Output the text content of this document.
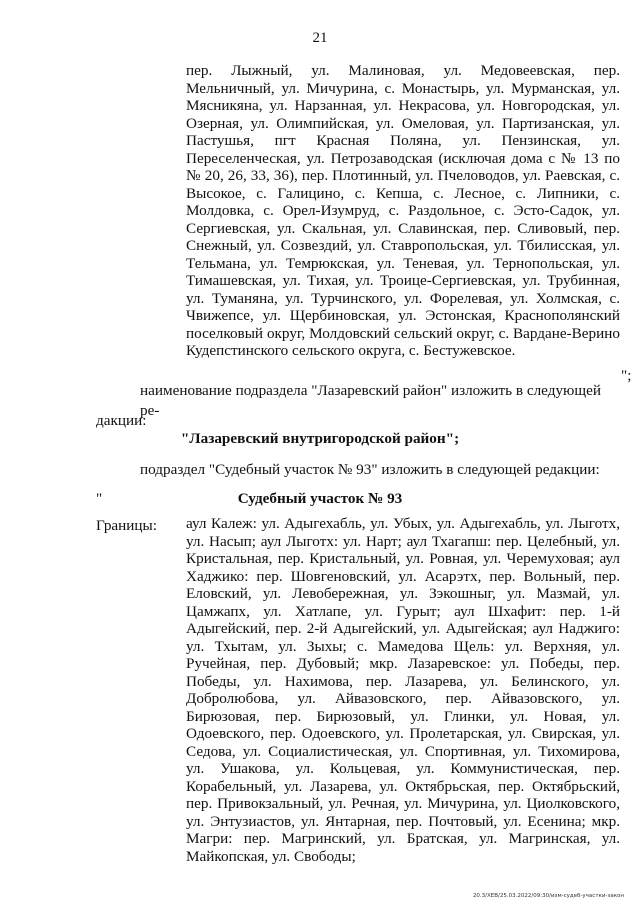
21
пер. Лыжный, ул. Малиновая, ул. Медовеевская, пер. Мельничный, ул. Мичурина, с. Монастырь, ул. Мурманская, ул. Мясникяна, ул. Нарзанная, ул. Некрасова, ул. Новгородская, ул. Озерная, ул. Олимпийская, ул. Омеловая, ул. Партизанская, ул. Пастушья, пгт Красная Поляна, ул. Пензинская, ул. Переселенческая, ул. Петрозаводская (исключая дома с № 13 по № 20, 26, 33, 36), пер. Плотинный, ул. Пчеловодов, ул. Раевская, с. Высокое, с. Галицино, с. Кепша, с. Лесное, с. Липники, с. Молдовка, с. Орел-Изумруд, с. Раздольное, с. Эсто-Садок, ул. Сергиевская, ул. Скальная, ул. Славинская, пер. Сливовый, пер. Снежный, ул. Созвездий, ул. Ставропольская, ул. Тбилисская, ул. Тельмана, ул. Темрюкская, ул. Теневая, ул. Тернопольская, ул. Тимашевская, ул. Тихая, ул. Троице-Сергиевская, ул. Трубинная, ул. Туманяна, ул. Турчинского, ул. Форелевая, ул. Холмская, с. Чвижепсе, ул. Щербиновская, ул. Эстонская, Краснополянский поселковый округ, Молдовский сельский округ, с. Вардане-Верино Кудепстинского сельского округа, с. Бестужевское.
";
наименование подраздела "Лазаревский район" изложить в следующей ре-
дакции:
"Лазаревский внутригородской район";
подраздел "Судебный участок № 93" изложить в следующей редакции:
"	Судебный участок № 93
Границы: аул Калеж: ул. Адыгехабль, ул. Убых, ул. Адыгехабль, ул. Лыготх, ул. Насып; аул Лыготх: ул. Нарт; аул Тхагапш: пер. Целебный, ул. Кристальная, пер. Кристальный, ул. Ровная, ул. Черемуховая; аул Хаджико: пер. Шовгеновский, ул. Асарэтх, пер. Вольный, пер. Еловский, ул. Левобережная, ул. Зэкошныг, ул. Мазмай, ул. Цамжапх, ул. Хатлапе, ул. Гурыт; аул Шхафит: пер. 1-й Адыгейский, пер. 2-й Адыгейский, ул. Адыгейская; аул Наджиго: ул. Тхытам, ул. Зыхы; с. Мамедова Щель: ул. Верхняя, ул. Ручейная, пер. Дубовый; мкр. Лазаревское: ул. Победы, пер. Победы, ул. Нахимова, пер. Лазарева, ул. Белинского, ул. Добролюбова, ул. Айвазовского, пер. Айвазовского, ул. Бирюзовая, пер. Бирюзовый, ул. Глинки, ул. Новая, ул. Одоевского, пер. Одоевского, ул. Пролетарская, ул. Свирская, ул. Седова, ул. Социалистическая, ул. Спортивная, ул. Тихомирова, ул. Ушакова, ул. Кольцевая, ул. Коммунистическая, пер. Корабельный, ул. Лазарева, ул. Октябрьская, пер. Октябрьский, пер. Привокзальный, ул. Речная, ул. Мичурина, ул. Циолковского, ул. Энтузиастов, ул. Янтарная, пер. Почтовый, ул. Есенина; мкр. Магри: пер. Магринский, ул. Братская, ул. Магринская, ул. Майкопская, ул. Свободы;
20.3/ХЕВ/25.03.2022/09:30/изм-судеб-участки-закон
